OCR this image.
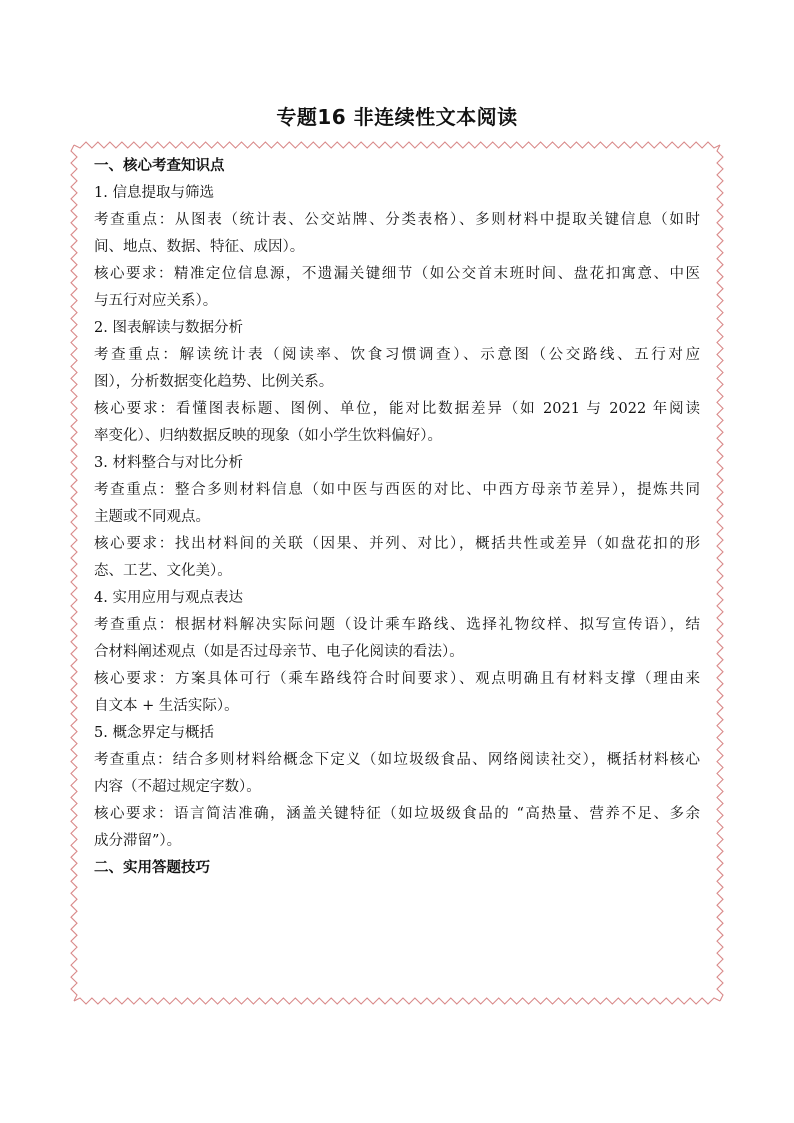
专题16 非连续性文本阅读
一、核心考查知识点
1. 信息提取与筛选
考查重点：从图表（统计表、公交站牌、分类表格）、多则材料中提取关键信息（如时
间、地点、数据、特征、成因）。
核心要求：精准定位信息源，不遗漏关键细节（如公交首末班时间、盘花扣寓意、中医
与五行对应关系）。
2. 图表解读与数据分析
考查重点：解读统计表（阅读率、饮食习惯调查）、示意图（公交路线、五行对应
图），分析数据变化趋势、比例关系。
核心要求：看懂图表标题、图例、单位，能对比数据差异（如 2021 与 2022 年阅读
率变化）、归纳数据反映的现象（如小学生饮料偏好）。
3. 材料整合与对比分析
考查重点：整合多则材料信息（如中医与西医的对比、中西方母亲节差异），提炼共同
主题或不同观点。
核心要求：找出材料间的关联（因果、并列、对比），概括共性或差异（如盘花扣的形
态、工艺、文化美）。
4. 实用应用与观点表达
考查重点：根据材料解决实际问题（设计乘车路线、选择礼物纹样、拟写宣传语），结
合材料阐述观点（如是否过母亲节、电子化阅读的看法）。
核心要求：方案具体可行（乘车路线符合时间要求）、观点明确且有材料支撑（理由来
自文本 + 生活实际）。
5. 概念界定与概括
考查重点：结合多则材料给概念下定义（如垃圾级食品、网络阅读社交），概括材料核心
内容（不超过规定字数）。
核心要求：语言简洁准确，涵盖关键特征（如垃圾级食品的 “高热量、营养不足、多余
成分滞留”）。
二、实用答题技巧
